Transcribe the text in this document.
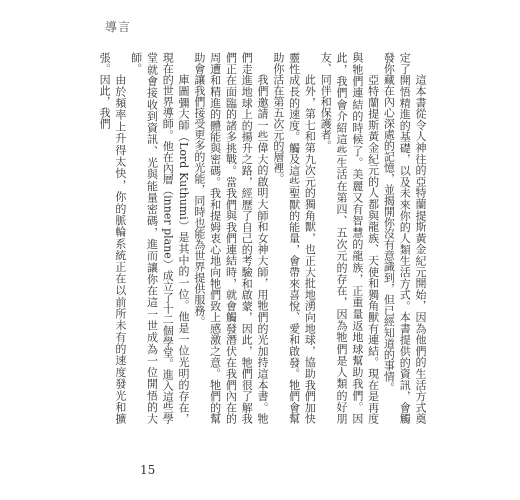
導言

這本書從令人神往的亞特蘭提斯黃金紀元開始，因為他們的生活方式奠定了開悟精進的基礎，以及未來你的人類生活方式。本書提供的資訊，會觸發你藏在內心深處的記憶，並揭開你沒有意識到，但已經知道的事情。

亞特蘭提斯黃金紀元的人都與龍族、天使和獨角獸有連結。現在是再度與牠們連結的時候了。美麗又有智慧的龍族，正重量返地球幫助我們。因此，我們會介紹這些生活在第四、五次元的存在，因為牠們是人類的好朋友、同伴和保護者。

此外，第七和第九次元的獨角獸，也正大批地湧向地球，協助我們加快靈性成長的速度。觸及這些聖獸的能量，會帶來喜悅、愛和啟發。牠們會幫助你活在第五次元的層裡。

我們邀請一些偉大的啟明大師和女神大師，用牠們的光加持這本書。牠們走進地球上的揚升之路，經歷了自己的考驗和啟蒙，因此，牠們很了解我們正在面臨的諸多挑戰。當我們與我們連結時，就會觸發潛伏在我們內在的周遭和精進的體能與密碼。我和提姆衷心地向牠們致上感激之意。牠們的幫助會讓我們接受更多的光能，同時也能為世界提供服務。

庫圖彌大師（Lord Kuthumi）是其中的一位。他是一位光明的存在，現在的世界導師。他在內層（inner plane）成立了十二個學堂。進入這些學堂就會接收到資訊、光與能量密碼，進而讓你在這一世成為一位開悟的大師。

由於頻率上升得太快，你的脈輪系統正在以前所未有的速度發光和擴張。因此，我們

15
